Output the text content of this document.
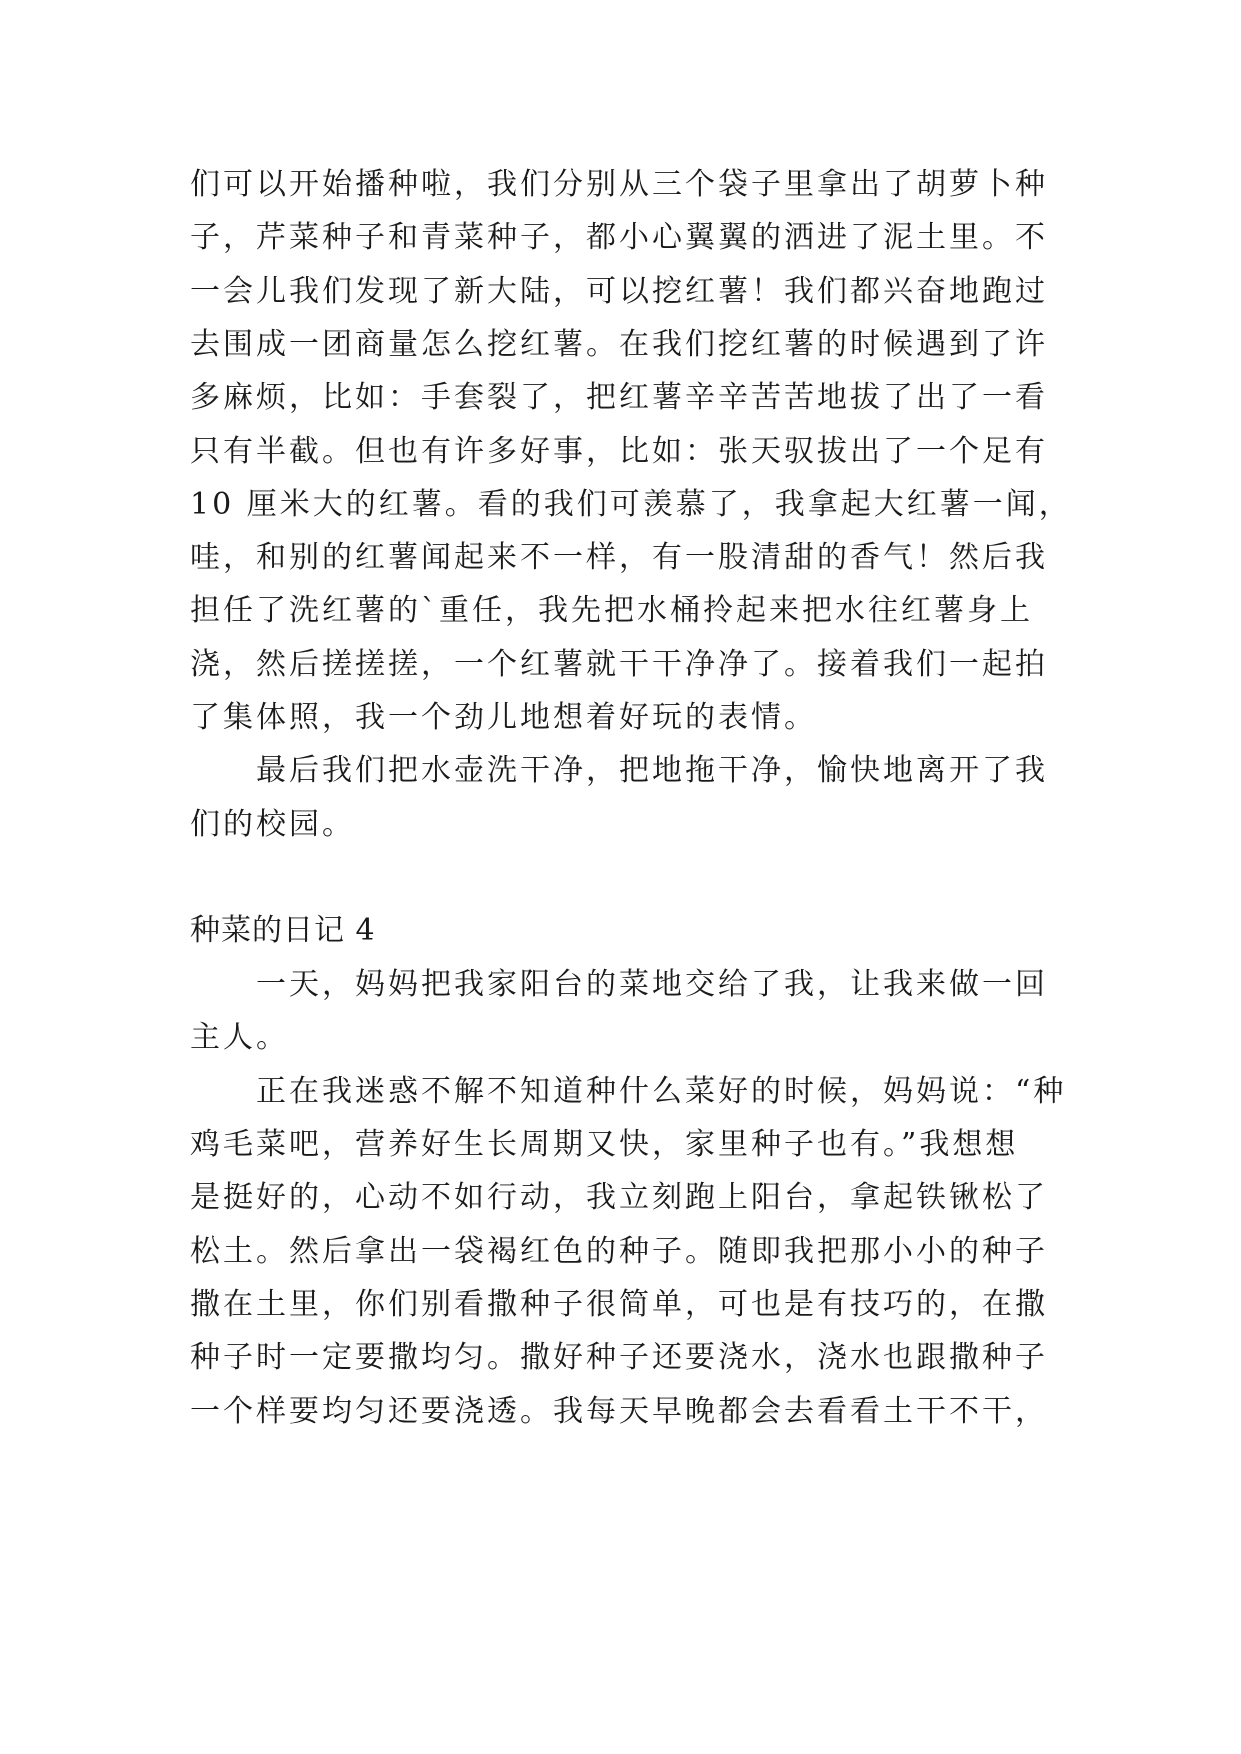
们可以开始播种啦，我们分别从三个袋子里拿出了胡萝卜种
子，芹菜种子和青菜种子，都小心翼翼的洒进了泥土里。不
一会儿我们发现了新大陆，可以挖红薯！我们都兴奋地跑过
去围成一团商量怎么挖红薯。在我们挖红薯的时候遇到了许
多麻烦，比如：手套裂了，把红薯辛辛苦苦地拔了出了一看
只有半截。但也有许多好事，比如：张天驭拔出了一个足有
10 厘米大的红薯。看的我们可羡慕了，我拿起大红薯一闻，
哇，和别的红薯闻起来不一样，有一股清甜的香气！然后我
担任了洗红薯的`重任，我先把水桶拎起来把水往红薯身上
浇，然后搓搓搓，一个红薯就干干净净了。接着我们一起拍
了集体照，我一个劲儿地想着好玩的表情。
　　最后我们把水壶洗干净，把地拖干净，愉快地离开了我
们的校园。
种菜的日记 4
　　一天，妈妈把我家阳台的菜地交给了我，让我来做一回
主人。
　　正在我迷惑不解不知道种什么菜好的时候，妈妈说：“种
鸡毛菜吧，营养好生长周期又快，家里种子也有。”我想想
是挺好的，心动不如行动，我立刻跑上阳台，拿起铁锹松了
松土。然后拿出一袋褐红色的种子。随即我把那小小的种子
撒在土里，你们别看撒种子很简单，可也是有技巧的，在撒
种子时一定要撒均匀。撒好种子还要浇水，浇水也跟撒种子
一个样要均匀还要浇透。我每天早晚都会去看看土干不干，
